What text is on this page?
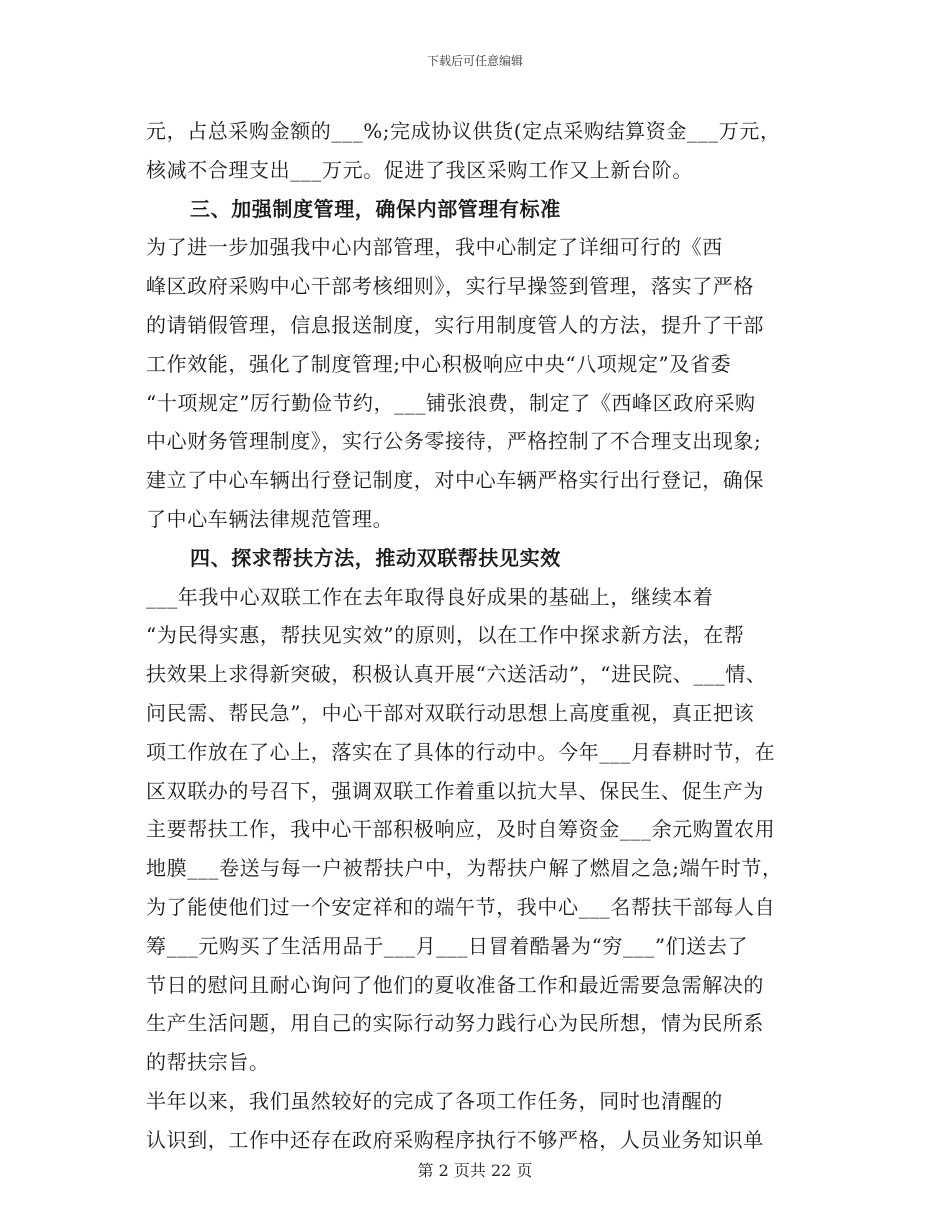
下载后可任意编辑
元，占总采购金额的___%;完成协议供货(定点采购结算资金___万元，
核减不合理支出___万元。促进了我区采购工作又上新台阶。
三、加强制度管理，确保内部管理有标准
为了进一步加强我中心内部管理，我中心制定了详细可行的《西
峰区政府采购中心干部考核细则》，实行早操签到管理，落实了严格
的请销假管理，信息报送制度，实行用制度管人的方法，提升了干部
工作效能，强化了制度管理;中心积极响应中央“八项规定”及省委
“十项规定”厉行勤俭节约，___铺张浪费，制定了《西峰区政府采购
中心财务管理制度》，实行公务零接待，严格控制了不合理支出现象;
建立了中心车辆出行登记制度，对中心车辆严格实行出行登记，确保
了中心车辆法律规范管理。
四、探求帮扶方法，推动双联帮扶见实效
___年我中心双联工作在去年取得良好成果的基础上，继续本着
“为民得实惠，帮扶见实效”的原则，以在工作中探求新方法，在帮
扶效果上求得新突破，积极认真开展“六送活动”，“进民院、___情、
问民需、帮民急”，中心干部对双联行动思想上高度重视，真正把该
项工作放在了心上，落实在了具体的行动中。今年___月春耕时节，在
区双联办的号召下，强调双联工作着重以抗大旱、保民生、促生产为
主要帮扶工作，我中心干部积极响应，及时自筹资金___余元购置农用
地膜___卷送与每一户被帮扶户中，为帮扶户解了燃眉之急;端午时节，
为了能使他们过一个安定祥和的端午节，我中心___名帮扶干部每人自
筹___元购买了生活用品于___月___日冒着酷暑为“穷___”们送去了
节日的慰问且耐心询问了他们的夏收准备工作和最近需要急需解决的
生产生活问题，用自己的实际行动努力践行心为民所想，情为民所系
的帮扶宗旨。
半年以来，我们虽然较好的完成了各项工作任务，同时也清醒的
认识到，工作中还存在政府采购程序执行不够严格，人员业务知识单
第 2 页共 22 页
